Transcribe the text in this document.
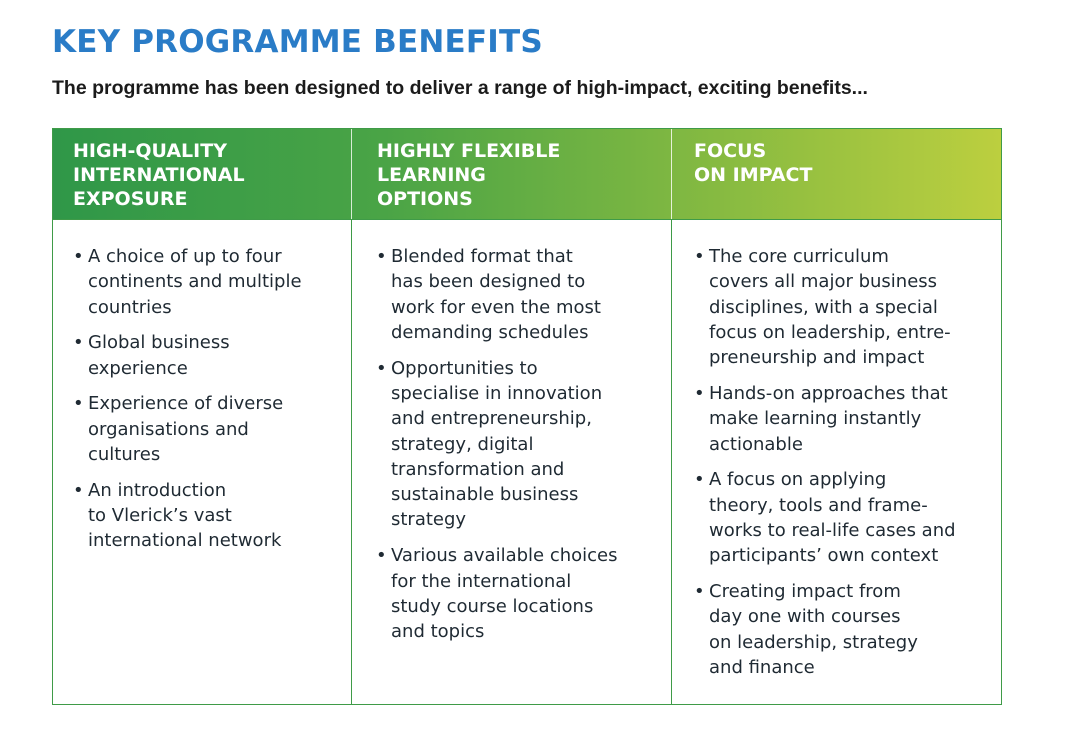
KEY PROGRAMME BENEFITS

The programme has been designed to deliver a range of high-impact, exciting benefits...

HIGH-QUALITY
INTERNATIONAL
EXPOSURE
HIGHLY FLEXIBLE
LEARNING
OPTIONS
FOCUS
ON IMPACT
• A choice of up to four
continents and multiple
countries
• Global business
experience
• Experience of diverse
organisations and
cultures
• An introduction
to Vlerick’s vast
international network
• Blended format that
has been designed to
work for even the most
demanding schedules
• Opportunities to
specialise in innovation
and entrepreneurship,
strategy, digital
transformation and
sustainable business
strategy
• Various available choices
for the international
study course locations
and topics
• The core curriculum
covers all major business
disciplines, with a special
focus on leadership, entre-
preneurship and impact
• Hands-on approaches that
make learning instantly
actionable
• A focus on applying
theory, tools and frame-
works to real-life cases and
participants’ own context
• Creating impact from
day one with courses
on leadership, strategy
and finance
